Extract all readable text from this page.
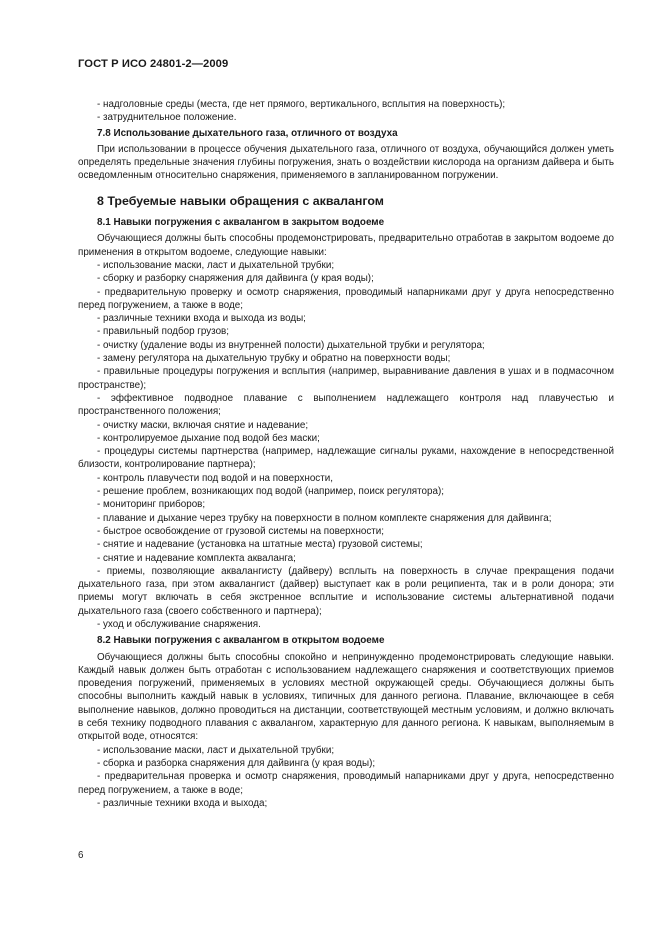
ГОСТ Р ИСО 24801-2—2009

- надголовные среды (места, где нет прямого, вертикального, всплытия на поверхность);

- затруднительное положение.

7.8 Использование дыхательного газа, отличного от воздуха

При использовании в процессе обучения дыхательного газа, отличного от воздуха, обучающийся должен уметь определять предельные значения глубины погружения, знать о воздействии кислорода на организм дайвера и быть осведомленным относительно снаряжения, применяемого в запланированном погружении.

8 Требуемые навыки обращения с аквалангом
8.1 Навыки погружения с аквалангом в закрытом водоеме

Обучающиеся должны быть способны продемонстрировать, предварительно отработав в закрытом водоеме до применения в открытом водоеме, следующие навыки:

- использование маски, ласт и дыхательной трубки;

- сборку и разборку снаряжения для дайвинга (у края воды);

- предварительную проверку и осмотр снаряжения, проводимый напарниками друг у друга непосредственно перед погружением, а также в воде;

- различные техники входа и выхода из воды;

- правильный подбор грузов;

- очистку (удаление воды из внутренней полости) дыхательной трубки и регулятора;

- замену регулятора на дыхательную трубку и обратно на поверхности воды;

- правильные процедуры погружения и всплытия (например, выравнивание давления в ушах и в подмасочном пространстве);

- эффективное подводное плавание с выполнением надлежащего контроля над плавучестью и пространственного положения;

- очистку маски, включая снятие и надевание;

- контролируемое дыхание под водой без маски;

- процедуры системы партнерства (например, надлежащие сигналы руками, нахождение в непосредственной близости, контролирование партнера);

- контроль плавучести под водой и на поверхности,

- решение проблем, возникающих под водой (например, поиск регулятора);

- мониторинг приборов;

- плавание и дыхание через трубку на поверхности в полном комплекте снаряжения для дайвинга;

- быстрое освобождение от грузовой системы на поверхности;

- снятие и надевание (установка на штатные места) грузовой системы;

- снятие и надевание комплекта акваланга;

- приемы, позволяющие аквалангисту (дайверу) всплыть на поверхность в случае прекращения подачи дыхательного газа, при этом аквалангист (дайвер) выступает как в роли реципиента, так и в роли донора; эти приемы могут включать в себя экстренное всплытие и использование системы альтернативной подачи дыхательного газа (своего собственного и партнера);

- уход и обслуживание снаряжения.

8.2 Навыки погружения с аквалангом в открытом водоеме

Обучающиеся должны быть способны спокойно и непринужденно продемонстрировать следующие навыки. Каждый навык должен быть отработан с использованием надлежащего снаряжения и соответствующих приемов проведения погружений, применяемых в условиях местной окружающей среды. Обучающиеся должны быть способны выполнить каждый навык в условиях, типичных для данного региона. Плавание, включающее в себя выполнение навыков, должно проводиться на дистанции, соответствующей местным условиям, и должно включать в себя технику подводного плавания с аквалангом, характерную для данного региона. К навыкам, выполняемым в открытой воде, относятся:

- использование маски, ласт и дыхательной трубки;

- сборка и разборка снаряжения для дайвинга (у края воды);

- предварительная проверка и осмотр снаряжения, проводимый напарниками друг у друга, непосредственно перед погружением, а также в воде;

- различные техники входа и выхода;

6
